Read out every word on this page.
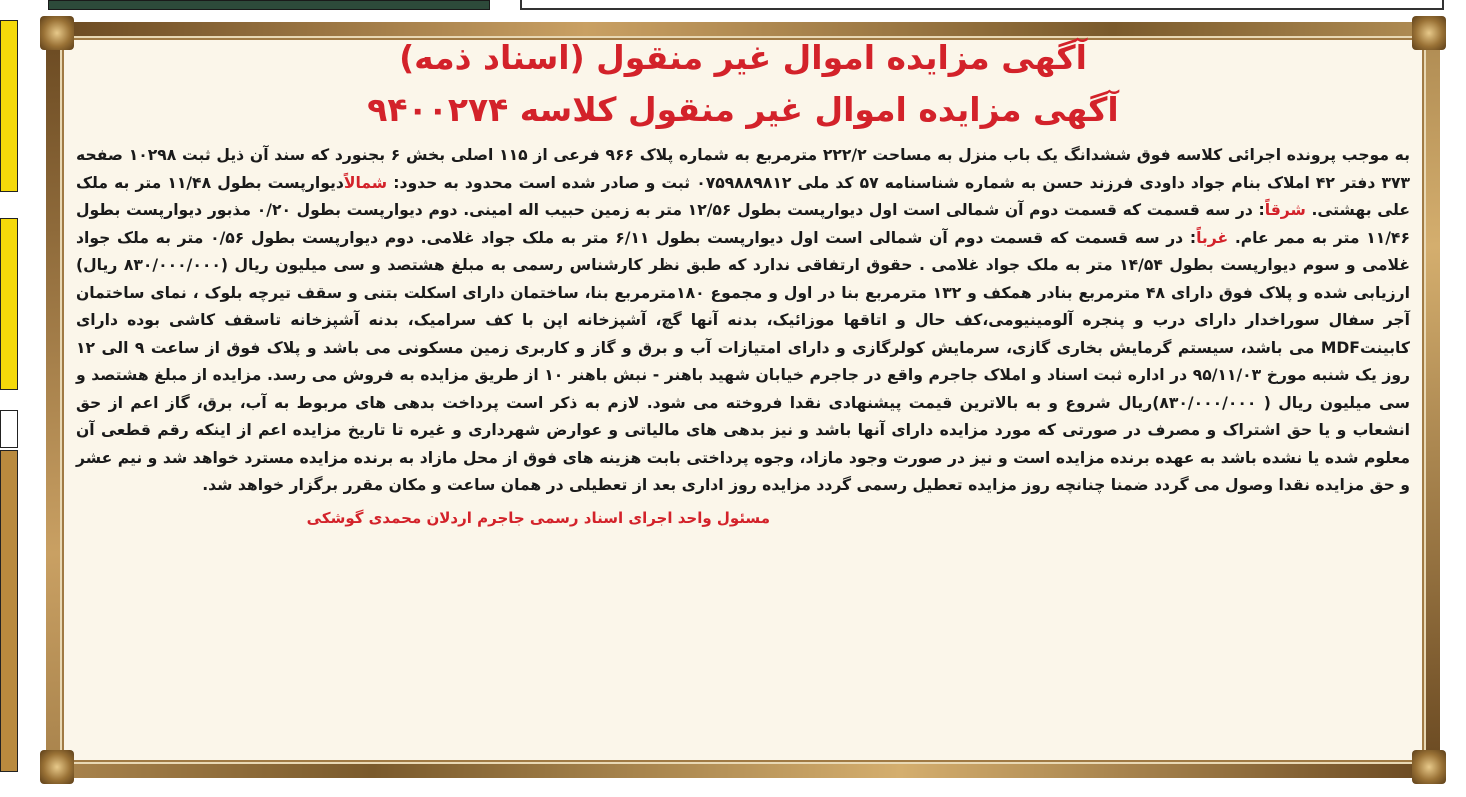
آگهی مزایده اموال غیر منقول (اسناد ذمه)
آگهی مزایده اموال غیر منقول کلاسه ۹۴۰۰۲۷۴

به موجب پرونده اجرائی کلاسه فوق ششدانگ یک باب منزل به مساحت ۲۲۲/۲ مترمربع به شماره پلاک ۹۶۶ فرعی از ۱۱۵ اصلی بخش ۶ بجنورد که سند آن ذیل ثبت ۱۰۲۹۸ صفحه ۳۷۳ دفتر ۴۲ املاک بنام جواد داودی فرزند حسن به شماره شناسنامه ۵۷ کد ملی ۰۷۵۹۸۸۹۸۱۲ ثبت و صادر شده است محدود به حدود: شمالاًدیوارپست بطول ۱۱/۴۸ متر به ملک علی بهشتی. شرقاً: در سه قسمت که قسمت دوم آن شمالی است اول دیوارپست بطول ۱۲/۵۶ متر به زمین حبیب اله امینی. دوم دیوارپست بطول ۰/۲۰ مذبور دیوارپست بطول ۱۱/۴۶ متر به ممر عام. غرباً: در سه قسمت که قسمت دوم آن شمالی است اول دیوارپست بطول ۶/۱۱ متر به ملک جواد غلامی. دوم دیوارپست بطول ۰/۵۶ متر به ملک جواد غلامی و سوم دیوارپست بطول ۱۴/۵۴ متر به ملک جواد غلامی . حقوق ارتفاقی ندارد که طبق نظر کارشناس رسمی به مبلغ هشتصد و سی میلیون ریال (۸۳۰/۰۰۰/۰۰۰ ریال) ارزیابی شده و پلاک فوق دارای ۴۸ مترمربع بنادر همکف و ۱۳۲ مترمربع بنا در اول و مجموع ۱۸۰مترمربع بنا، ساختمان دارای اسکلت بتنی و سقف تیرچه بلوک ، نمای ساختمان آجر سفال سوراخدار دارای درب و پنجره آلومینیومی،کف حال و اتاقها موزائیک، بدنه آنها گچ، آشپزخانه اپن با کف سرامیک، بدنه آشپزخانه تاسقف کاشی بوده دارای کابینتMDF می باشد، سیستم گرمایش بخاری گازی، سرمایش کولرگازی و دارای امتیازات آب و برق و گاز و کاربری زمین مسکونی می باشد و پلاک فوق از ساعت ۹ الی ۱۲ روز یک شنبه مورخ ۹۵/۱۱/۰۳ در اداره ثبت اسناد و املاک جاجرم واقع در جاجرم خیابان شهید باهنر - نبش باهنر ۱۰ از طریق مزایده به فروش می رسد. مزایده از مبلغ هشتصد و سی میلیون ریال ( ۸۳۰/۰۰۰/۰۰۰)ریال شروع و به بالاترین قیمت پیشنهادی نقدا فروخته می شود. لازم به ذکر است پرداخت بدهی های مربوط به آب، برق، گاز اعم از حق انشعاب و یا حق اشتراک و مصرف در صورتی که مورد مزایده دارای آنها باشد و نیز بدهی های مالیاتی و عوارض شهرداری و غیره تا تاریخ مزایده اعم از اینکه رقم قطعی آن معلوم شده یا نشده باشد به عهده برنده مزایده است و نیز در صورت وجود مازاد، وجوه پرداختی بابت هزینه های فوق از محل مازاد به برنده مزایده مسترد خواهد شد و نیم عشر و حق مزایده نقدا وصول می گردد ضمنا چنانچه روز مزایده تعطیل رسمی گردد مزایده روز اداری بعد از تعطیلی در همان ساعت و مکان مقرر برگزار خواهد شد.

مسئول واحد اجرای اسناد رسمی جاجرم اردلان محمدی گوشکی
